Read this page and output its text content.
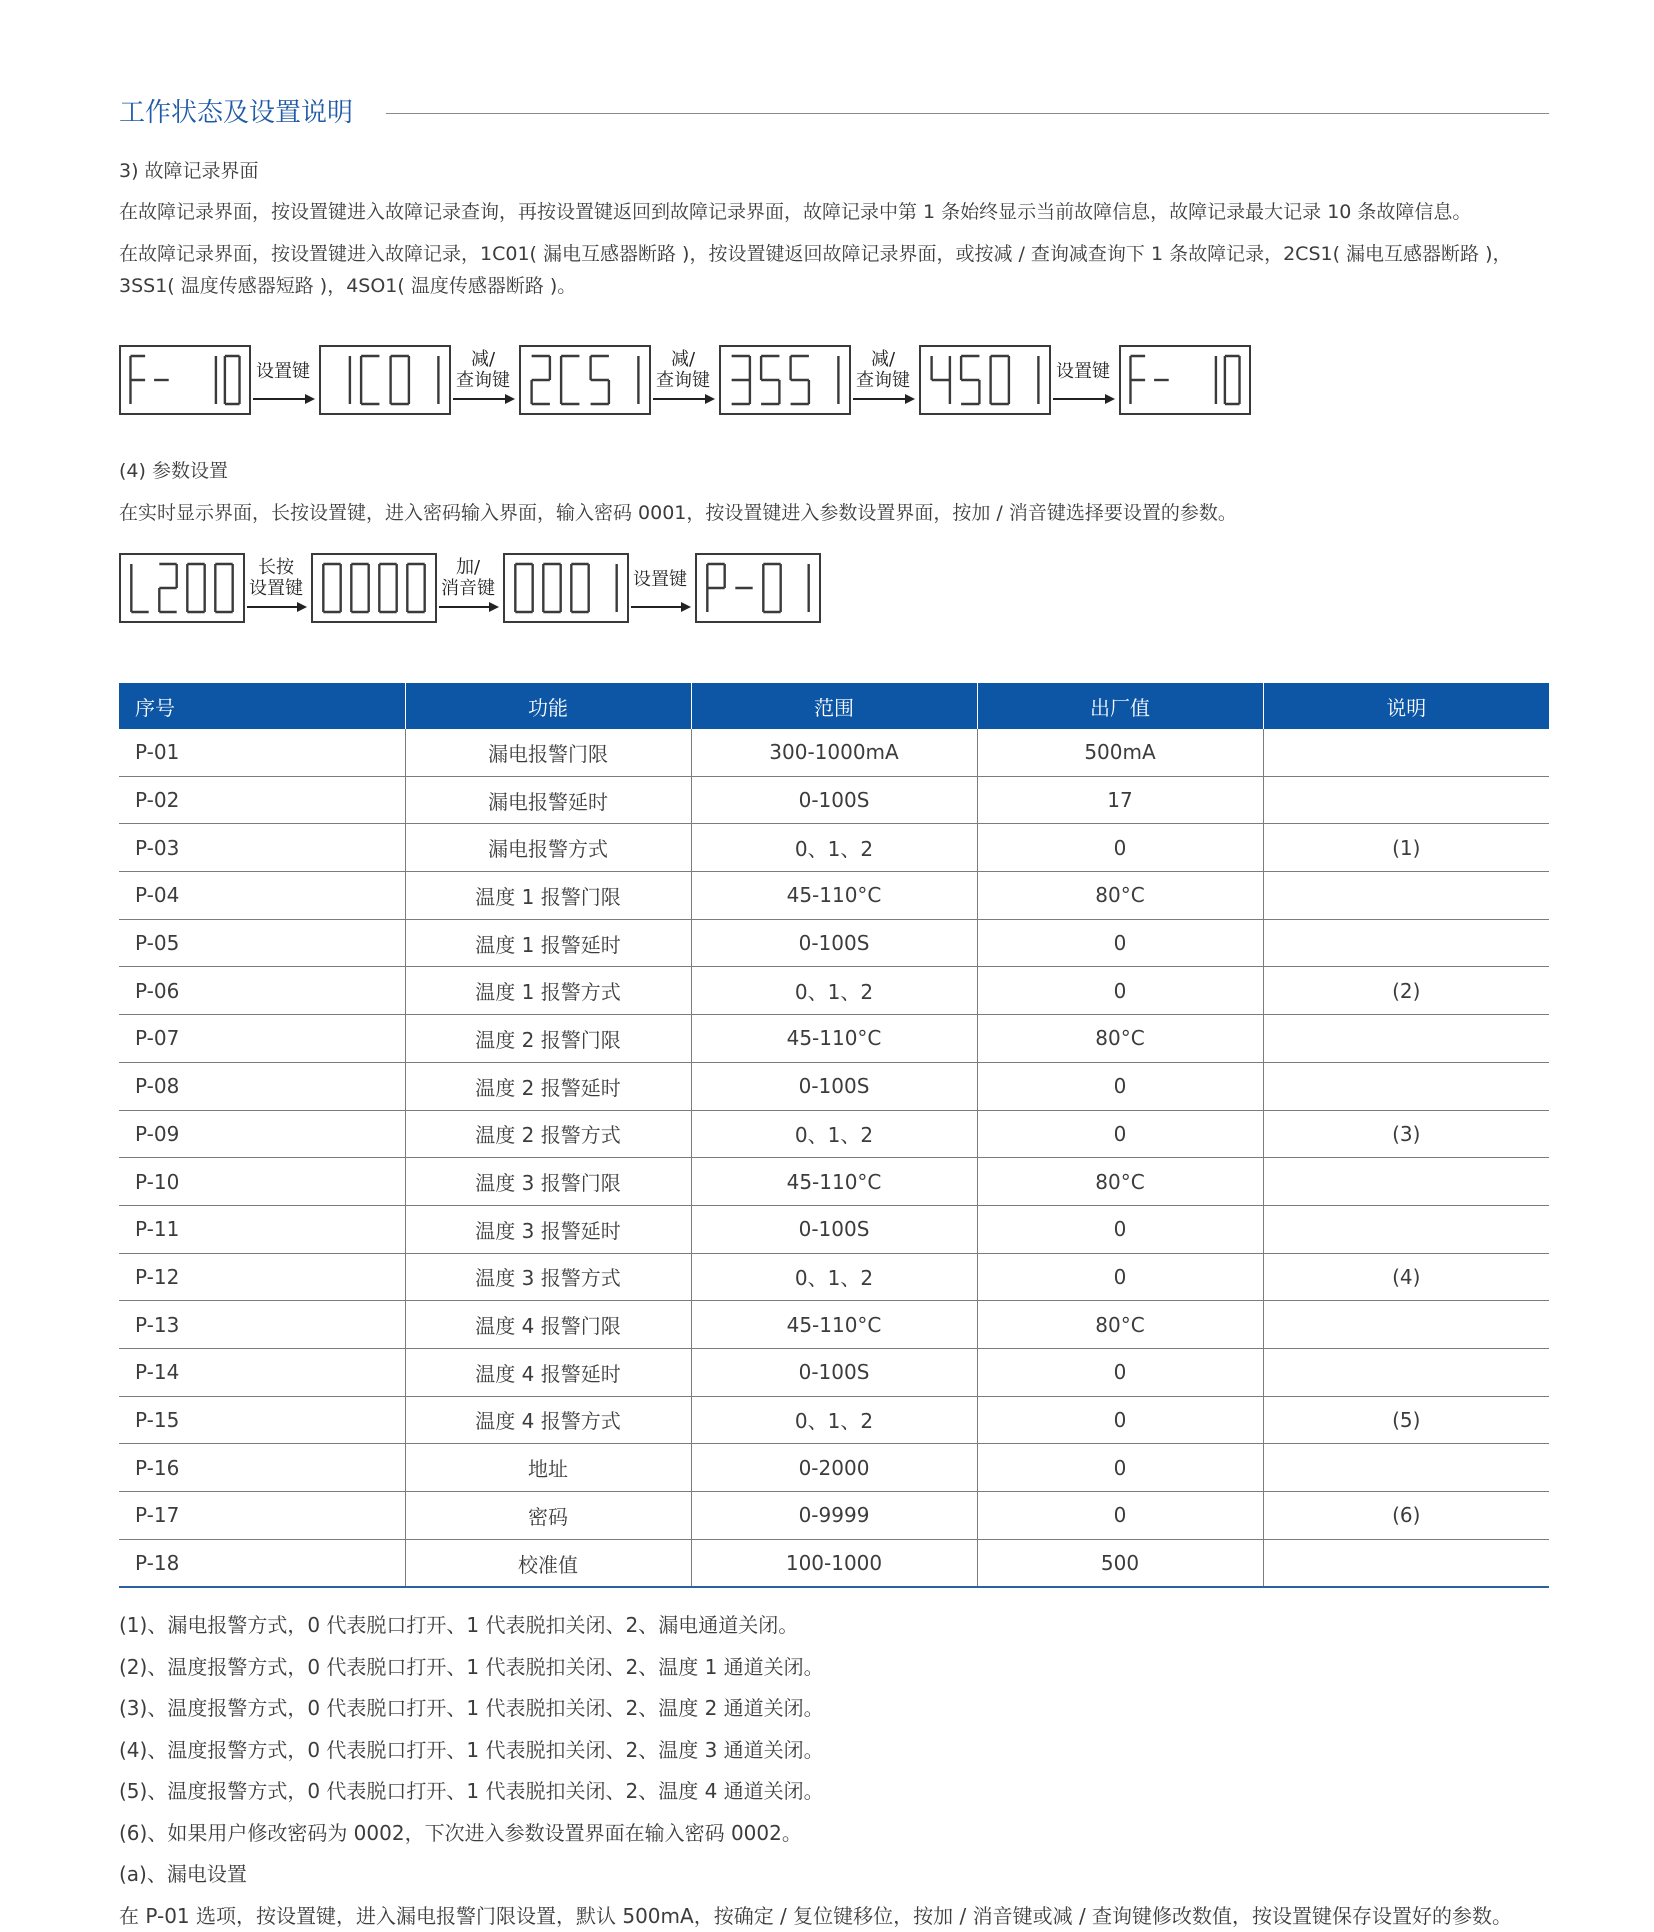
工作状态及设置说明
3) 故障记录界面
在故障记录界面，按设置键进入故障记录查询，再按设置键返回到故障记录界面，故障记录中第 1 条始终显示当前故障信息，故障记录最大记录 10 条故障信息。
在故障记录界面，按设置键进入故障记录，1C01( 漏电互感器断路 )，按设置键返回故障记录界面，或按减 / 查询减查询下 1 条故障记录，2CS1( 漏电互感器断路 )，3SS1( 温度传感器短路 )，4SO1( 温度传感器断路 )。
设置键
减/
查询键
减/
查询键
减/
查询键	设置键
(4) 参数设置
在实时显示界面，长按设置键，进入密码输入界面，输入密码 0001，按设置键进入参数设置界面，按加 / 消音键选择要设置的参数。
长按
设置键
加/
消音键	设置键
序号	功能	范围	出厂值	说明
P-01	漏电报警门限	300-1000mA	500mA	
P-02	漏电报警延时	0-100S	17	
P-03	漏电报警方式	0、1、2	0	(1)
P-04	温度 1 报警门限	45-110°C	80°C	
P-05	温度 1 报警延时	0-100S	0	
P-06	温度 1 报警方式	0、1、2	0	(2)
P-07	温度 2 报警门限	45-110°C	80°C	
P-08	温度 2 报警延时	0-100S	0	
P-09	温度 2 报警方式	0、1、2	0	(3)
P-10	温度 3 报警门限	45-110°C	80°C	
P-11	温度 3 报警延时	0-100S	0	
P-12	温度 3 报警方式	0、1、2	0	(4)
P-13	温度 4 报警门限	45-110°C	80°C	
P-14	温度 4 报警延时	0-100S	0	
P-15	温度 4 报警方式	0、1、2	0	(5)
P-16	地址	0-2000	0	
P-17	密码	0-9999	0	(6)
P-18	校准值	100-1000	500	
(1)、漏电报警方式，0 代表脱口打开、1 代表脱扣关闭、2、漏电通道关闭。
(2)、温度报警方式，0 代表脱口打开、1 代表脱扣关闭、2、温度 1 通道关闭。
(3)、温度报警方式，0 代表脱口打开、1 代表脱扣关闭、2、温度 2 通道关闭。
(4)、温度报警方式，0 代表脱口打开、1 代表脱扣关闭、2、温度 3 通道关闭。
(5)、温度报警方式，0 代表脱口打开、1 代表脱扣关闭、2、温度 4 通道关闭。
(6)、如果用户修改密码为 0002，下次进入参数设置界面在输入密码 0002。
(a)、漏电设置
在 P-01 选项，按设置键，进入漏电报警门限设置，默认 500mA，按确定 / 复位键移位，按加 / 消音键或减 / 查询键修改数值，按设置键保存设置好的参数。
